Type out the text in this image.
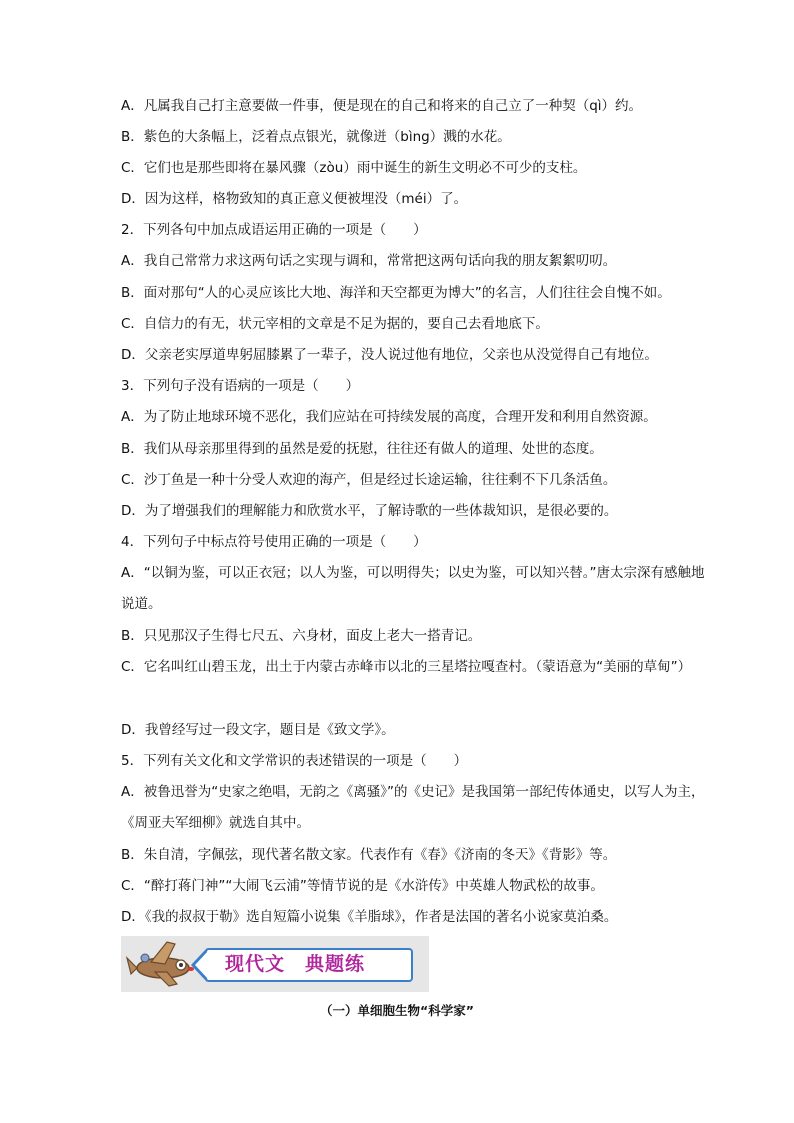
A．凡属我自己打主意要做一件事，便是现在的自己和将来的自己立了一种契（qì）约。
B．紫色的大条幅上，泛着点点银光，就像迸（bìng）溅的水花。
C．它们也是那些即将在暴风骤（zòu）雨中诞生的新生文明必不可少的支柱。
D．因为这样，格物致知的真正意义便被埋没（méi）了。
2．下列各句中加点成语运用正确的一项是（　　）
A．我自己常常力求这两句话之实现与调和，常常把这两句话向我的朋友絮絮叨叨。
B．面对那句“人的心灵应该比大地、海洋和天空都更为博大”的名言，人们往往会自愧不如。
C．自信力的有无，状元宰相的文章是不足为据的，要自己去看地底下。
D．父亲老实厚道卑躬屈膝累了一辈子，没人说过他有地位，父亲也从没觉得自己有地位。
3．下列句子没有语病的一项是（　　）
A．为了防止地球环境不恶化，我们应站在可持续发展的高度，合理开发和利用自然资源。
B．我们从母亲那里得到的虽然是爱的抚慰，往往还有做人的道理、处世的态度。
C．沙丁鱼是一种十分受人欢迎的海产，但是经过长途运输，往往剩不下几条活鱼。
D．为了增强我们的理解能力和欣赏水平，了解诗歌的一些体裁知识，是很必要的。
4．下列句子中标点符号使用正确的一项是（　　）
A．“以铜为鉴，可以正衣冠；以人为鉴，可以明得失；以史为鉴，可以知兴替。”唐太宗深有感触地说道。
B．只见那汉子生得七尺五、六身材，面皮上老大一搭青记。
C．它名叫红山碧玉龙，出土于内蒙古赤峰市以北的三星塔拉嘎查村。（蒙语意为“美丽的草甸”）
D．我曾经写过一段文字，题目是《致文学》。
5．下列有关文化和文学常识的表述错误的一项是（　　）
A．被鲁迅誉为“史家之绝唱，无韵之《离骚》”的《史记》是我国第一部纪传体通史，以写人为主，《周亚夫军细柳》就选自其中。
B．朱自清，字佩弦，现代著名散文家。代表作有《春》《济南的冬天》《背影》等。
C．“醉打蒋门神”“大闹飞云浦”等情节说的是《水浒传》中英雄人物武松的故事。
D．《我的叔叔于勒》选自短篇小说集《羊脂球》，作者是法国的著名小说家莫泊桑。
现代文　典题练
（一）单细胞生物“科学家”
